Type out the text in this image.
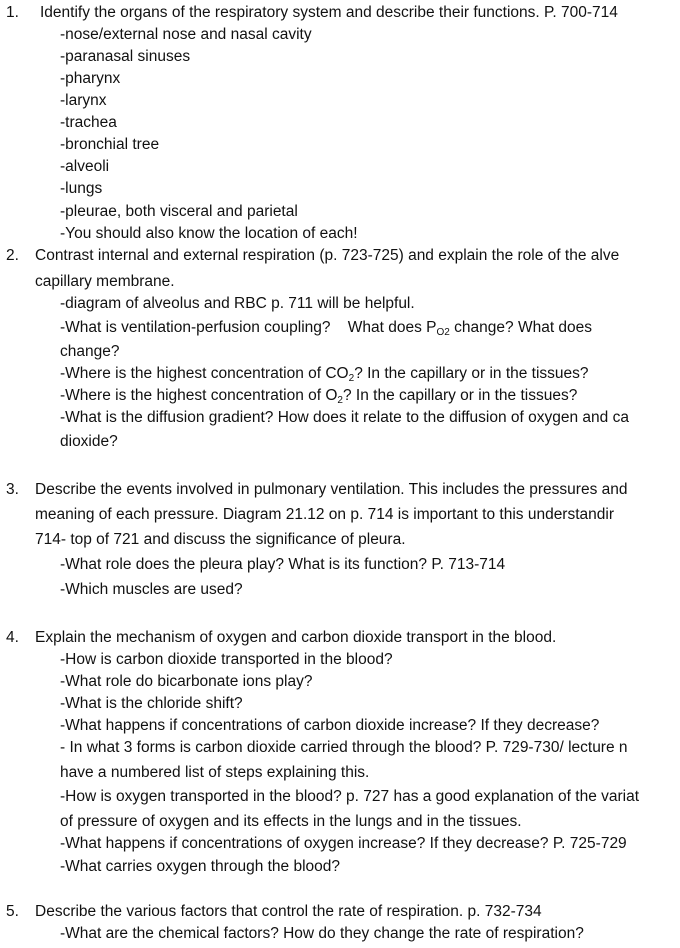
1. Identify the organs of the respiratory system and describe their functions. P. 700-714
-nose/external nose and nasal cavity
-paranasal sinuses
-pharynx
-larynx
-trachea
-bronchial tree
-alveoli
-lungs
-pleurae, both visceral and parietal
-You should also know the location of each!
2. Contrast internal and external respiration (p. 723-725) and explain the role of the alve
capillary membrane.
-diagram of alveolus and RBC p. 711 will be helpful.
-What is ventilation-perfusion coupling? What does $P_{O2}$ change? What does
change?
-Where is the highest concentration of $CO_2$? In the capillary or in the tissues?
-Where is the highest concentration of $O_2$? In the capillary or in the tissues?
-What is the diffusion gradient? How does it relate to the diffusion of oxygen and ca
dioxide?
3. Describe the events involved in pulmonary ventilation. This includes the pressures and
meaning of each pressure. Diagram 21.12 on p. 714 is important to this understandir
714- top of 721 and discuss the significance of pleura.
-What role does the pleura play? What is its function? P. 713-714
-Which muscles are used?
4. Explain the mechanism of oxygen and carbon dioxide transport in the blood.
-How is carbon dioxide transported in the blood?
-What role do bicarbonate ions play?
-What is the chloride shift?
-What happens if concentrations of carbon dioxide increase? If they decrease?
- In what 3 forms is carbon dioxide carried through the blood? P. 729-730/ lecture n
have a numbered list of steps explaining this.
-How is oxygen transported in the blood? p. 727 has a good explanation of the variat
of pressure of oxygen and its effects in the lungs and in the tissues.
-What happens if concentrations of oxygen increase? If they decrease? P. 725-729
-What carries oxygen through the blood?
5. Describe the various factors that control the rate of respiration. p. 732-734
-What are the chemical factors? How do they change the rate of respiration?
